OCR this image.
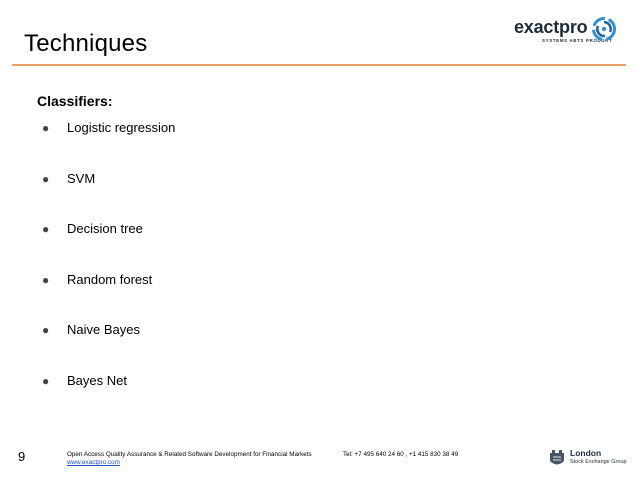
Techniques
exactpro
SYSTEMS ABTS PRODUKT
Classifiers:
● Logistic regression
● SVM
● Decision tree
● Random forest
● Naive Bayes
● Bayes Net
9	Open Access Quality Assurance & Related Software Development for Financial Markets
www.exactpro.com
Tel: +7 495 640 24 60 , +1 415 830 38 49	London
Stock Exchange Group
